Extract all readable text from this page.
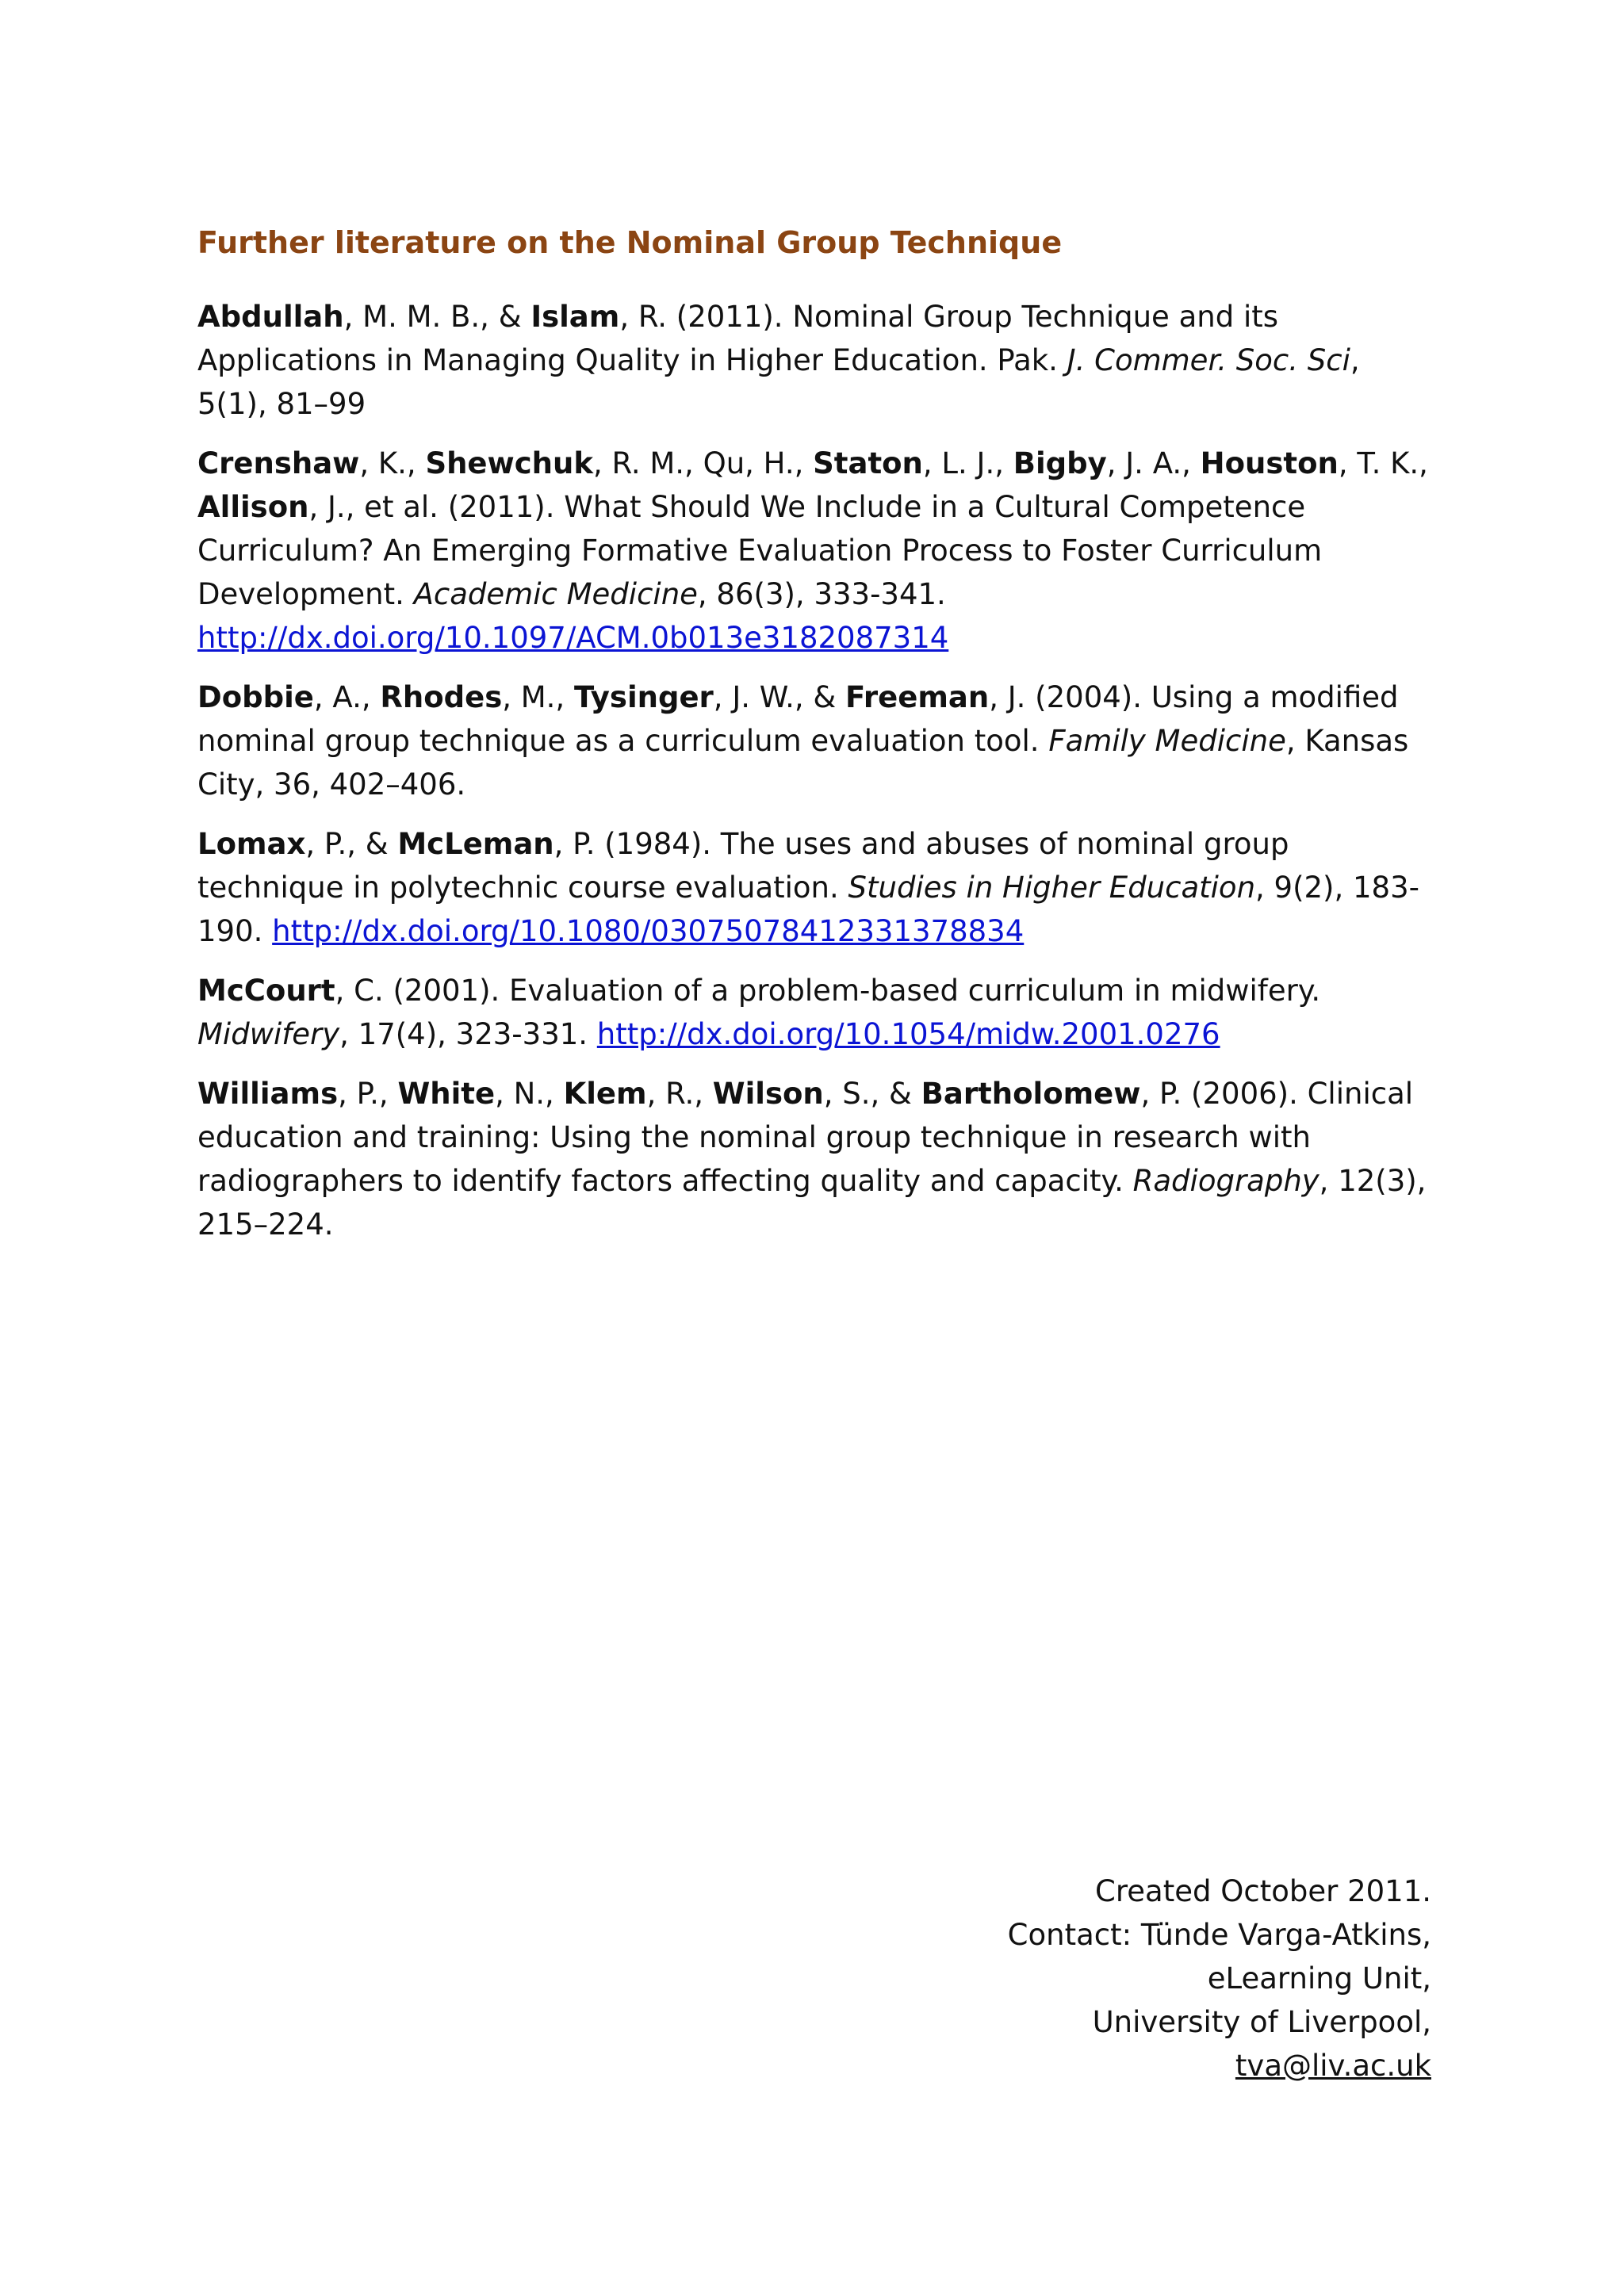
Further literature on the Nominal Group Technique

Abdullah, M. M. B., & Islam, R. (2011). Nominal Group Technique and its Applications in Managing Quality in Higher Education. Pak. J. Commer. Soc. Sci, 5(1), 81–99

Crenshaw, K., Shewchuk, R. M., Qu, H., Staton, L. J., Bigby, J. A., Houston, T. K., Allison, J., et al. (2011). What Should We Include in a Cultural Competence Curriculum? An Emerging Formative Evaluation Process to Foster Curriculum Development. Academic Medicine, 86(3), 333-341. http://dx.doi.org/10.1097/ACM.0b013e3182087314

Dobbie, A., Rhodes, M., Tysinger, J. W., & Freeman, J. (2004). Using a modified nominal group technique as a curriculum evaluation tool. Family Medicine, Kansas City, 36, 402–406.

Lomax, P., & McLeman, P. (1984). The uses and abuses of nominal group technique in polytechnic course evaluation. Studies in Higher Education, 9(2), 183-190. http://dx.doi.org/10.1080/03075078412331378834

McCourt, C. (2001). Evaluation of a problem-based curriculum in midwifery. Midwifery, 17(4), 323-331. http://dx.doi.org/10.1054/midw.2001.0276

Williams, P., White, N., Klem, R., Wilson, S., & Bartholomew, P. (2006). Clinical education and training: Using the nominal group technique in research with radiographers to identify factors affecting quality and capacity. Radiography, 12(3), 215–224.

Created October 2011.
Contact: Tünde Varga-Atkins,
eLearning Unit,
University of Liverpool,
tva@liv.ac.uk
